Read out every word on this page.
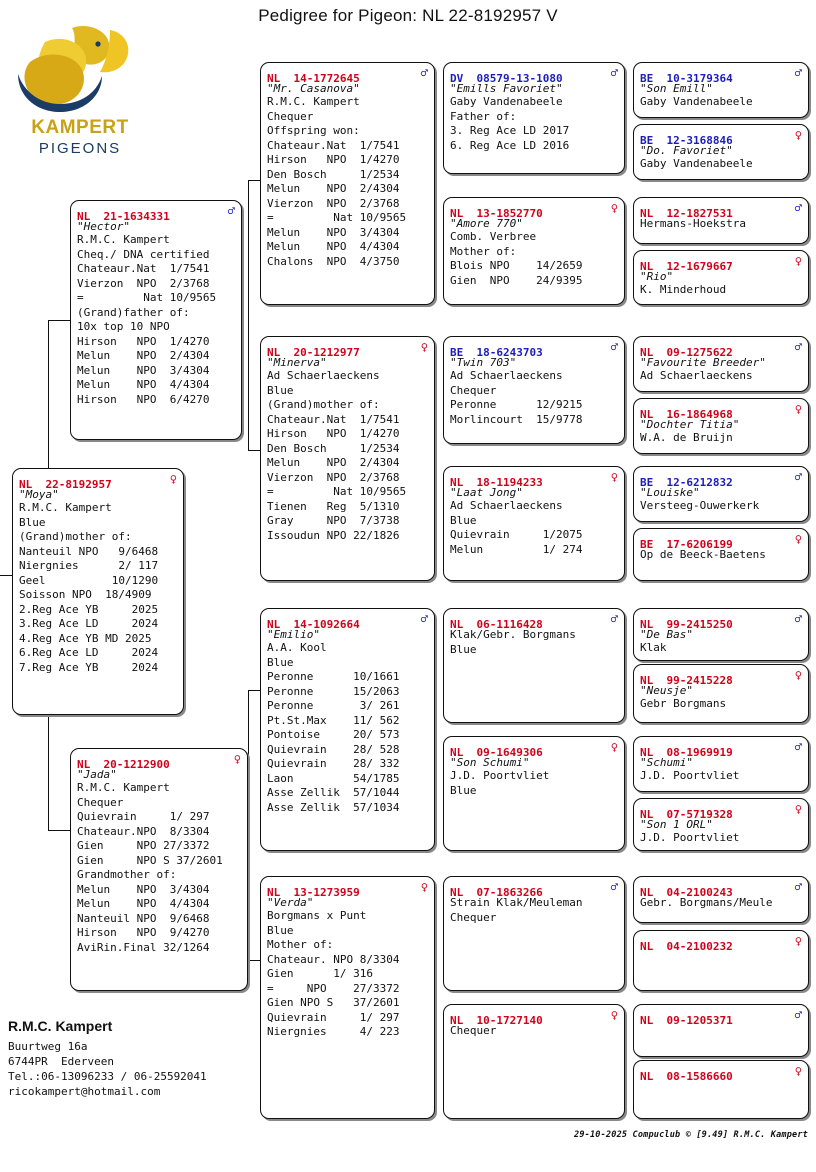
Pedigree for Pigeon: NL 22-8192957 V
KAMPERT
PIGEONS
NL  22-8192957	♀
"Moya"
R.M.C. Kampert
Blue
(Grand)mother of:
Nanteuil NPO   9/6468
Niergnies      2/ 117
Geel          10/1290
Soisson NPO  18/4909
2.Reg Ace YB     2025
3.Reg Ace LD     2024
4.Reg Ace YB MD 2025
6.Reg Ace LD     2024
7.Reg Ace YB     2024
NL  21-1634331	♂
"Hector"
R.M.C. Kampert
Cheq./ DNA certified
Chateaur.Nat  1/7541
Vierzon  NPO  2/3768
=         Nat 10/9565
(Grand)father of:
10x top 10 NPO
Hirson   NPO  1/4270
Melun    NPO  2/4304
Melun    NPO  3/4304
Melun    NPO  4/4304
Hirson   NPO  6/4270
NL  20-1212900	♀
"Jada"
R.M.C. Kampert
Chequer
Quievrain     1/ 297
Chateaur.NPO  8/3304
Gien     NPO 27/3372
Gien     NPO S 37/2601
Grandmother of:
Melun    NPO  3/4304
Melun    NPO  4/4304
Nanteuil NPO  9/6468
Hirson   NPO  9/4270
AviRin.Final 32/1264
NL  14-1772645	♂
"Mr. Casanova"
R.M.C. Kampert
Chequer
Offspring won:
Chateaur.Nat  1/7541
Hirson   NPO  1/4270
Den Bosch     1/2534
Melun    NPO  2/4304
Vierzon  NPO  2/3768
=         Nat 10/9565
Melun    NPO  3/4304
Melun    NPO  4/4304
Chalons  NPO  4/3750
NL  20-1212977	♀
"Minerva"
Ad Schaerlaeckens
Blue
(Grand)mother of:
Chateaur.Nat  1/7541
Hirson   NPO  1/4270
Den Bosch     1/2534
Melun    NPO  2/4304
Vierzon  NPO  2/3768
=         Nat 10/9565
Tienen   Reg  5/1310
Gray     NPO  7/3738
Issoudun NPO 22/1826
NL  14-1092664	♂
"Emilio"
A.A. Kool
Blue
Peronne      10/1661
Peronne      15/2063
Peronne       3/ 261
Pt.St.Max    11/ 562
Pontoise     20/ 573
Quievrain    28/ 528
Quievrain    28/ 332
Laon         54/1785
Asse Zellik  57/1044
Asse Zellik  57/1034
NL  13-1273959	♀
"Verda"
Borgmans x Punt
Blue
Mother of:
Chateaur. NPO 8/3304
Gien      1/ 316
=     NPO    27/3372
Gien NPO S   37/2601
Quievrain     1/ 297
Niergnies     4/ 223
DV  08579-13-1080	♂
"Emills Favoriet"
Gaby Vandenabeele
Father of:
3. Reg Ace LD 2017
6. Reg Ace LD 2016
NL  13-1852770	♀
"Amore 770"
Comb. Verbree
Mother of:
Blois NPO    14/2659
Gien  NPO    24/9395
BE  18-6243703	♂
"Twin 703"
Ad Schaerlaeckens
Chequer
Peronne      12/9215
Morlincourt  15/9778
NL  18-1194233	♀
"Laat Jong"
Ad Schaerlaeckens
Blue
Quievrain     1/2075
Melun         1/ 274
NL  06-1116428	♂
Klak/Gebr. Borgmans
Blue
NL  09-1649306	♀
"Son Schumi"
J.D. Poortvliet
Blue
NL  07-1863266	♂
Strain Klak/Meuleman
Chequer
NL  10-1727140	♀
Chequer
BE  10-3179364	♂
"Son Emill"
Gaby Vandenabeele
BE  12-3168846	♀
"Do. Favoriet"
Gaby Vandenabeele
NL  12-1827531	♂
Hermans-Hoekstra
NL  12-1679667	♀
"Rio"
K. Minderhoud
NL  09-1275622	♂
"Favourite Breeder"
Ad Schaerlaeckens
NL  16-1864968	♀
"Dochter Titia"
W.A. de Bruijn
BE  12-6212832	♂
"Louiske"
Versteeg-Ouwerkerk
BE  17-6206199	♀
Op de Beeck-Baetens
NL  99-2415250	♂
"De Bas"
Klak
NL  99-2415228	♀
"Neusje"
Gebr Borgmans
NL  08-1969919	♂
"Schumi"
J.D. Poortvliet
NL  07-5719328	♀
"Son 1 ORL"
J.D. Poortvliet
NL  04-2100243	♂
Gebr. Borgmans/Meule
NL  04-2100232	♀
NL  09-1205371	♂
NL  08-1586660	♀
R.M.C. Kampert
Buurtweg 16a
6744PR  Ederveen
Tel.:06-13096233 / 06-25592041
ricokampert@hotmail.com
29-10-2025 Compuclub © [9.49] R.M.C. Kampert
